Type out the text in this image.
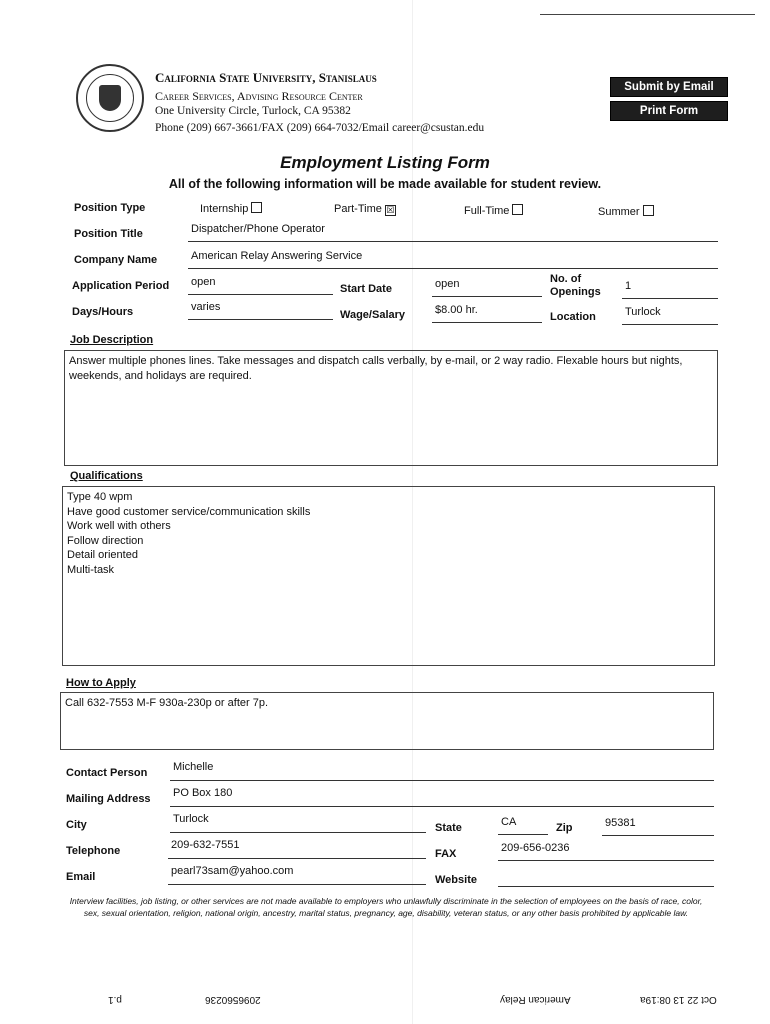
California State University, Stanislaus
Career Services, Advising Resource Center
One University Circle, Turlock, CA 95382
Phone (209) 667-3661/FAX (209) 664-7032/Email career@csustan.edu
Submit by Email
Print Form
Employment Listing Form
All of the following information will be made available for student review.
Position Type	Internship	Part-Time ☒	Full-Time	Summer
Position Title	Dispatcher/Phone Operator
Company Name	American Relay Answering Service
Application Period open
Start Date	open	No. of Openings	1
Days/Hours	varies
Wage/Salary	$8.00 hr.
Location	Turlock
Job Description
Answer multiple phones lines. Take messages and dispatch calls verbally, by e-mail, or 2 way radio. Flexable hours but nights, weekends, and holidays are required.
Qualifications
Type 40 wpm
Have good customer service/communication skills
Work well with others
Follow direction
Detail oriented
Multi-task
How to Apply
Call 632-7553 M-F 930a-230p or after 7p.
Contact Person Michelle
Mailing Address PO Box 180
City	Turlock
State	CA	Zip	95381
Telephone	209-632-7551
FAX	209-656-0236
Email	pearl73sam@yahoo.com
Website
Interview facilities, job listing, or other services are not made available to employers who unlawfully discriminate in the selection of employees on the basis of race, color, sex, sexual orientation, religion, national origin, ancestry, marital status, pregnancy, age, disability, veteran status, or any other basis prohibited by applicable law.
p.1	2096560236	American Relay	Oct 22 13 08:19a
